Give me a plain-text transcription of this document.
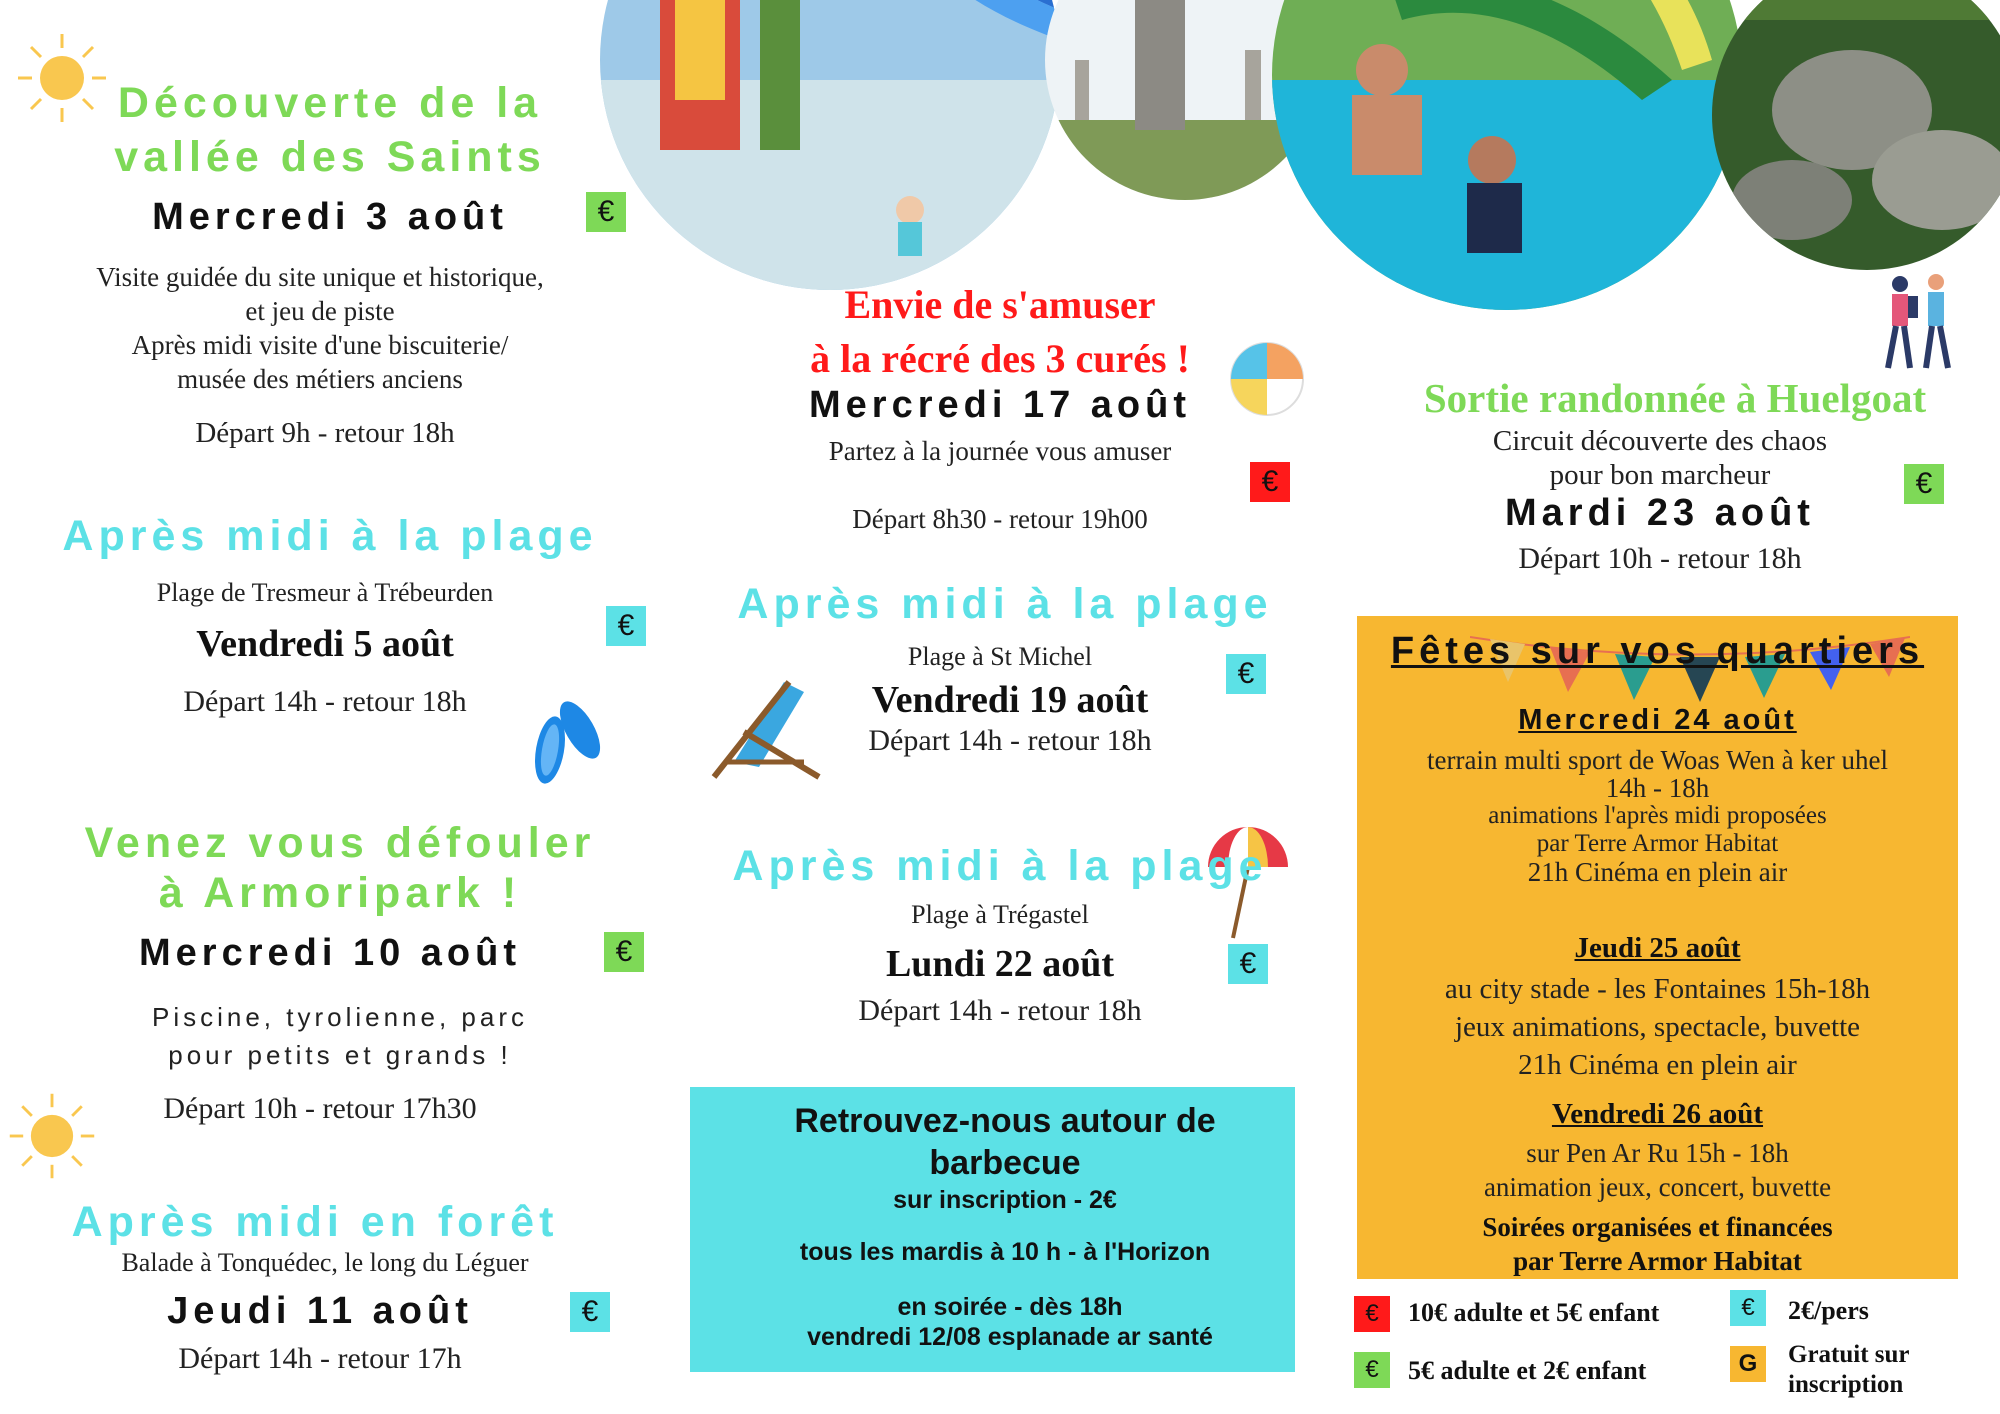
Découverte de la
vallée des Saints
Mercredi 3 août	€
Visite guidée du site unique et historique,
et jeu de piste
Après midi visite d'une biscuiterie/
musée des métiers anciens
Départ 9h - retour 18h
Après midi à la plage
Plage de Tresmeur à Trébeurden
Vendredi 5 août	€
Départ 14h - retour 18h
Venez vous défouler
à Armoripark !
Mercredi 10 août	€
Piscine, tyrolienne, parc
pour petits et grands !
Départ 10h - retour 17h30
Après midi en forêt
Balade à Tonquédec, le long du Léguer
Jeudi 11 août	€
Départ 14h - retour 17h
Envie de s'amuser
à la récré des 3 curés !
Mercredi 17 août
Partez à la journée vous amuser
€
Départ 8h30 - retour 19h00
Après midi à la plage
Plage à St Michel
€
Vendredi 19 août
Départ 14h - retour 18h
Après midi à la plage
Plage à Trégastel
Lundi 22 août	€
Départ 14h - retour 18h
Retrouvez-nous autour de
barbecue
sur inscription - 2€
tous les mardis à 10 h - à l'Horizon
en soirée - dès 18h
vendredi 12/08 esplanade ar santé
Sortie randonnée à Huelgoat
Circuit découverte des chaos
pour bon marcheur	€
Mardi 23 août
Départ 10h - retour 18h
Fêtes sur vos quartiers
Mercredi 24 août
terrain multi sport de Woas Wen à ker uhel
14h - 18h
animations l'après midi proposées
par Terre Armor Habitat
21h Cinéma en plein air
Jeudi 25 août
au city stade - les Fontaines 15h-18h
jeux animations, spectacle, buvette
21h Cinéma en plein air
Vendredi 26 août
sur Pen Ar Ru 15h - 18h
animation jeux, concert, buvette
Soirées organisées et financées
par Terre Armor Habitat
€	10€ adulte et 5€ enfant	€	2€/pers
€	5€ adulte et 2€ enfant	G	Gratuit sur
inscription
